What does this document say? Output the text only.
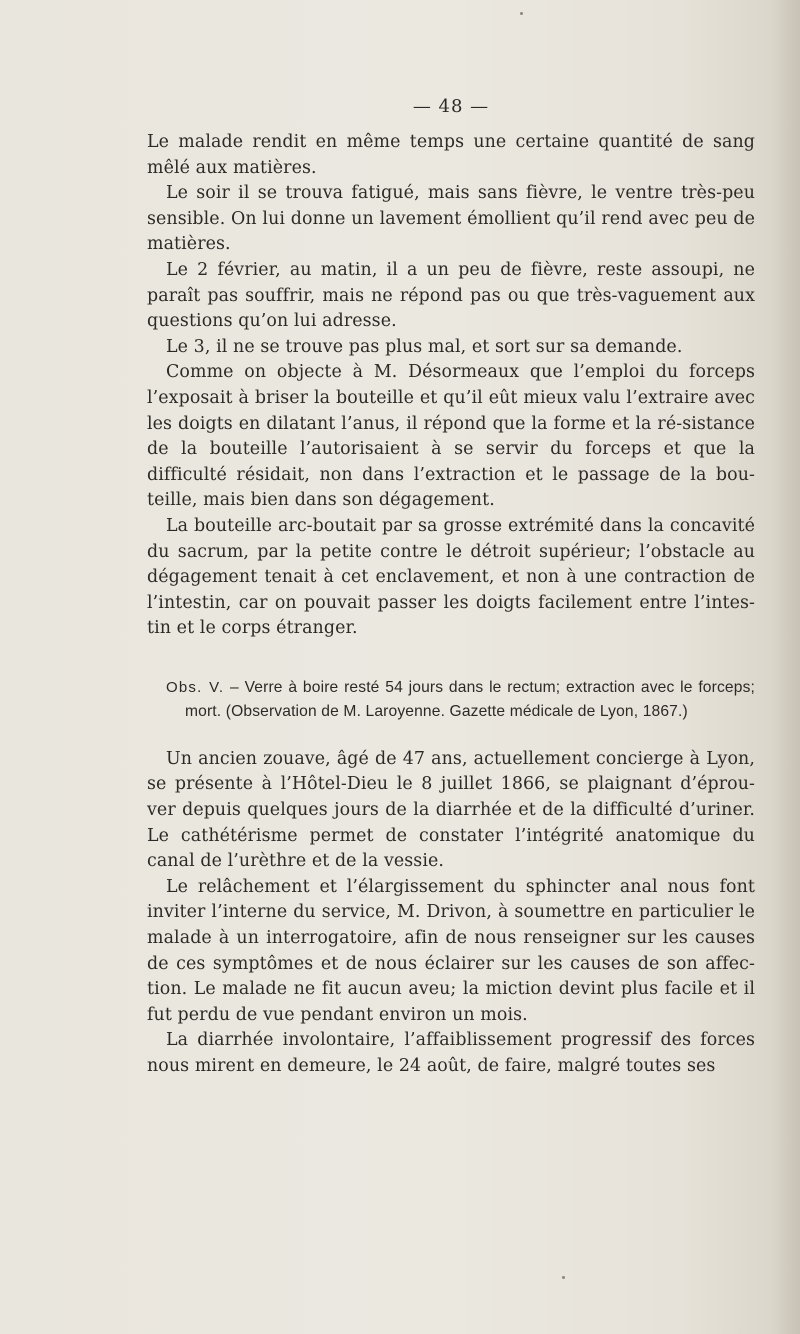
— 48 —

Le malade rendit en même temps une certaine quantité de sang mêlé aux matières.

Le soir il se trouva fatigué, mais sans fièvre, le ventre très-peu sensible. On lui donne un lavement émollient qu’il rend avec peu de matières.

Le 2 février, au matin, il a un peu de fièvre, reste assoupi, ne paraît pas souffrir, mais ne répond pas ou que très-vaguement aux questions qu’on lui adresse.

Le 3, il ne se trouve pas plus mal, et sort sur sa demande.

Comme on objecte à M. Désormeaux que l’emploi du forceps l’exposait à briser la bouteille et qu’il eût mieux valu l’extraire avec les doigts en dilatant l’anus, il répond que la forme et la ré-sistance de la bouteille l’autorisaient à se servir du forceps et que la difficulté résidait, non dans l’extraction et le passage de la bou-teille, mais bien dans son dégagement.

La bouteille arc-boutait par sa grosse extrémité dans la concavité du sacrum, par la petite contre le détroit supérieur; l’obstacle au dégagement tenait à cet enclavement, et non à une contraction de l’intestin, car on pouvait passer les doigts facilement entre l’intes-tin et le corps étranger.

Obs. V. – Verre à boire resté 54 jours dans le rectum; extraction avec le forceps; mort. (Observation de M. Laroyenne. Gazette médicale de Lyon, 1867.)

Un ancien zouave, âgé de 47 ans, actuellement concierge à Lyon, se présente à l’Hôtel-Dieu le 8 juillet 1866, se plaignant d’éprou-ver depuis quelques jours de la diarrhée et de la difficulté d’uriner. Le cathétérisme permet de constater l’intégrité anatomique du canal de l’urèthre et de la vessie.

Le relâchement et l’élargissement du sphincter anal nous font inviter l’interne du service, M. Drivon, à soumettre en particulier le malade à un interrogatoire, afin de nous renseigner sur les causes de ces symptômes et de nous éclairer sur les causes de son affec-tion. Le malade ne fit aucun aveu; la miction devint plus facile et il fut perdu de vue pendant environ un mois.

La diarrhée involontaire, l’affaiblissement progressif des forces nous mirent en demeure, le 24 août, de faire, malgré toutes ses
